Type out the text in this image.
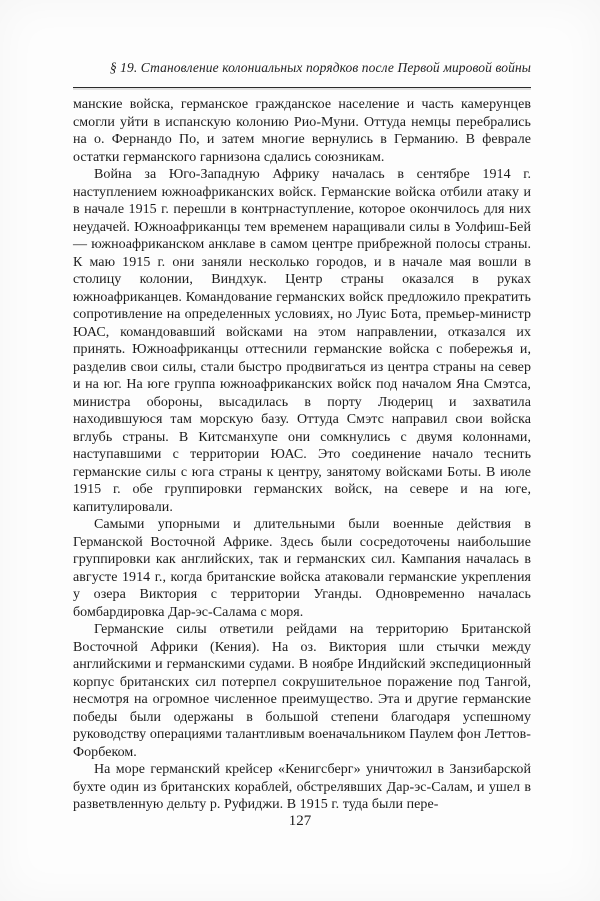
§ 19. Становление колониальных порядков после Первой мировой войны

манские войска, германское гражданское население и часть камерунцев смогли уйти в испанскую колонию Рио-Муни. Оттуда немцы перебрались на о. Фернандо По, и затем многие вернулись в Германию. В феврале остатки германского гарнизона сдались союзникам.

Война за Юго-Западную Африку началась в сентябре 1914 г. наступлением южноафриканских войск. Германские войска отбили атаку и в начале 1915 г. перешли в контрнаступление, которое окончилось для них неудачей. Южноафриканцы тем временем наращивали силы в Уолфиш-Бей — южноафриканском анклаве в самом центре прибрежной полосы страны. К маю 1915 г. они заняли несколько городов, и в начале мая вошли в столицу колонии, Виндхук. Центр страны оказался в руках южноафриканцев. Командование германских войск предложило прекратить сопротивление на определенных условиях, но Луис Бота, премьер-министр ЮАС, командовавший войсками на этом направлении, отказался их принять. Южноафриканцы оттеснили германские войска с побережья и, разделив свои силы, стали быстро продвигаться из центра страны на север и на юг. На юге группа южноафриканских войск под началом Яна Смэтса, министра обороны, высадилась в порту Людериц и захватила находившуюся там морскую базу. Оттуда Смэтс направил свои войска вглубь страны. В Китсманхупе они сомкнулись с двумя колоннами, наступавшими с территории ЮАС. Это соединение начало теснить германские силы с юга страны к центру, занятому войсками Боты. В июле 1915 г. обе группировки германских войск, на севере и на юге, капитулировали.

Самыми упорными и длительными были военные действия в Германской Восточной Африке. Здесь были сосредоточены наибольшие группировки как английских, так и германских сил. Кампания началась в августе 1914 г., когда британские войска атаковали германские укрепления у озера Виктория с территории Уганды. Одновременно началась бомбардировка Дар-эс-Салама с моря.

Германские силы ответили рейдами на территорию Британской Восточной Африки (Кения). На оз. Виктория шли стычки между английскими и германскими судами. В ноябре Индийский экспедиционный корпус британских сил потерпел сокрушительное поражение под Тангой, несмотря на огромное численное преимущество. Эта и другие германские победы были одержаны в большой степени благодаря успешному руководству операциями талантливым военачальником Паулем фон Леттов-Форбеком.

На море германский крейсер «Кенигсберг» уничтожил в Занзибарской бухте один из британских кораблей, обстрелявших Дар-эс-Салам, и ушел в разветвленную дельту р. Руфиджи. В 1915 г. туда были пере-

127
